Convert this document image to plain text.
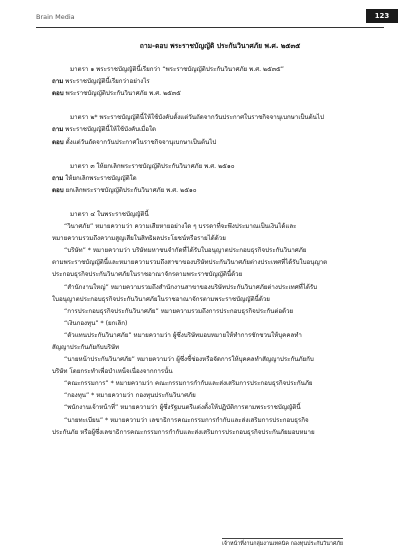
Brain Media	123
ถาม-ตอบ พระราชบัญญัติ ประกันวินาศภัย พ.ศ. ๒๕๓๕
มาตรา ๑ พระราชบัญญัตินี้เรียกว่า “พระราชบัญญัติประกันวินาศภัย พ.ศ. ๒๕๓๕”
ถาม พระราชบัญญัตินี้เรียกว่าอย่างไร
ตอบ พระราชบัญญัติประกันวินาศภัย พ.ศ. ๒๕๓๕
มาตรา ๒* พระราชบัญญัตินี้ให้ใช้บังคับตั้งแต่วันถัดจากวันประกาศในราชกิจจานุเบกษาเป็นต้นไป
ถาม พระราชบัญญัตินี้ให้ใช้บังคับเมื่อใด
ตอบ ตั้งแต่วันถัดจากวันประกาศในราชกิจจานุเบกษาเป็นต้นไป
มาตรา ๓ ให้ยกเลิกพระราชบัญญัติประกันวินาศภัย พ.ศ. ๒๕๑๐
ถาม ให้ยกเลิกพระราชบัญญัติใด
ตอบ ยกเลิกพระราชบัญญัติประกันวินาศภัย พ.ศ. ๒๕๑๐
มาตรา ๔ ในพระราชบัญญัตินี้
“วินาศภัย” หมายความว่า ความเสียหายอย่างใด ๆ บรรดาที่จะพึงประมาณเป็นเงินได้และ
หมายความรวมถึงความสูญเสียในสิทธิผลประโยชน์หรือรายได้ด้วย
“บริษัท” * หมายความว่า บริษัทมหาชนจำกัดที่ได้รับใบอนุญาตประกอบธุรกิจประกันวินาศภัย
ตามพระราชบัญญัตินี้และหมายความรวมถึงสาขาของบริษัทประกันวินาศภัยต่างประเทศที่ได้รับใบอนุญาต
ประกอบธุรกิจประกันวินาศภัยในราชอาณาจักรตามพระราชบัญญัตินี้ด้วย
“สำนักงานใหญ่” หมายความรวมถึงสำนักงานสาขาของบริษัทประกันวินาศภัยต่างประเทศที่ได้รับ
ใบอนุญาตประกอบธุรกิจประกันวินาศภัยในราชอาณาจักรตามพระราชบัญญัตินี้ด้วย
“การประกอบธุรกิจประกันวินาศภัย” หมายความรวมถึงการประกอบธุรกิจประกันต่อด้วย
“เงินกองทุน” * (ยกเลิก)
“ตัวแทนประกันวินาศภัย” หมายความว่า ผู้ซึ่งบริษัทมอบหมายให้ทำการชักชวนให้บุคคลทำ
สัญญาประกันภัยกับบริษัท
“นายหน้าประกันวินาศภัย” หมายความว่า ผู้ซึ่งชี้ช่องหรือจัดการให้บุคคลทำสัญญาประกันภัยกับ
บริษัท โดยกระทำเพื่อบำเหน็จเนื่องจากการนั้น
“คณะกรรมการ” * หมายความว่า คณะกรรมการกำกับและส่งเสริมการประกอบธุรกิจประกันภัย
“กองทุน” * หมายความว่า กองทุนประกันวินาศภัย
“พนักงานเจ้าหน้าที่” หมายความว่า ผู้ซึ่งรัฐมนตรีแต่งตั้งให้ปฏิบัติการตามพระราชบัญญัตินี้
“นายทะเบียน” * หมายความว่า เลขาธิการคณะกรรมการกำกับและส่งเสริมการประกอบธุรกิจ
ประกันภัย หรือผู้ซึ่งเลขาธิการคณะกรรมการกำกับและส่งเสริมการประกอบธุรกิจประกันภัยมอบหมาย
เจ้าหน้าที่งานกลุ่มงานเทคนิค กองทุนประกันวินาศภัย
